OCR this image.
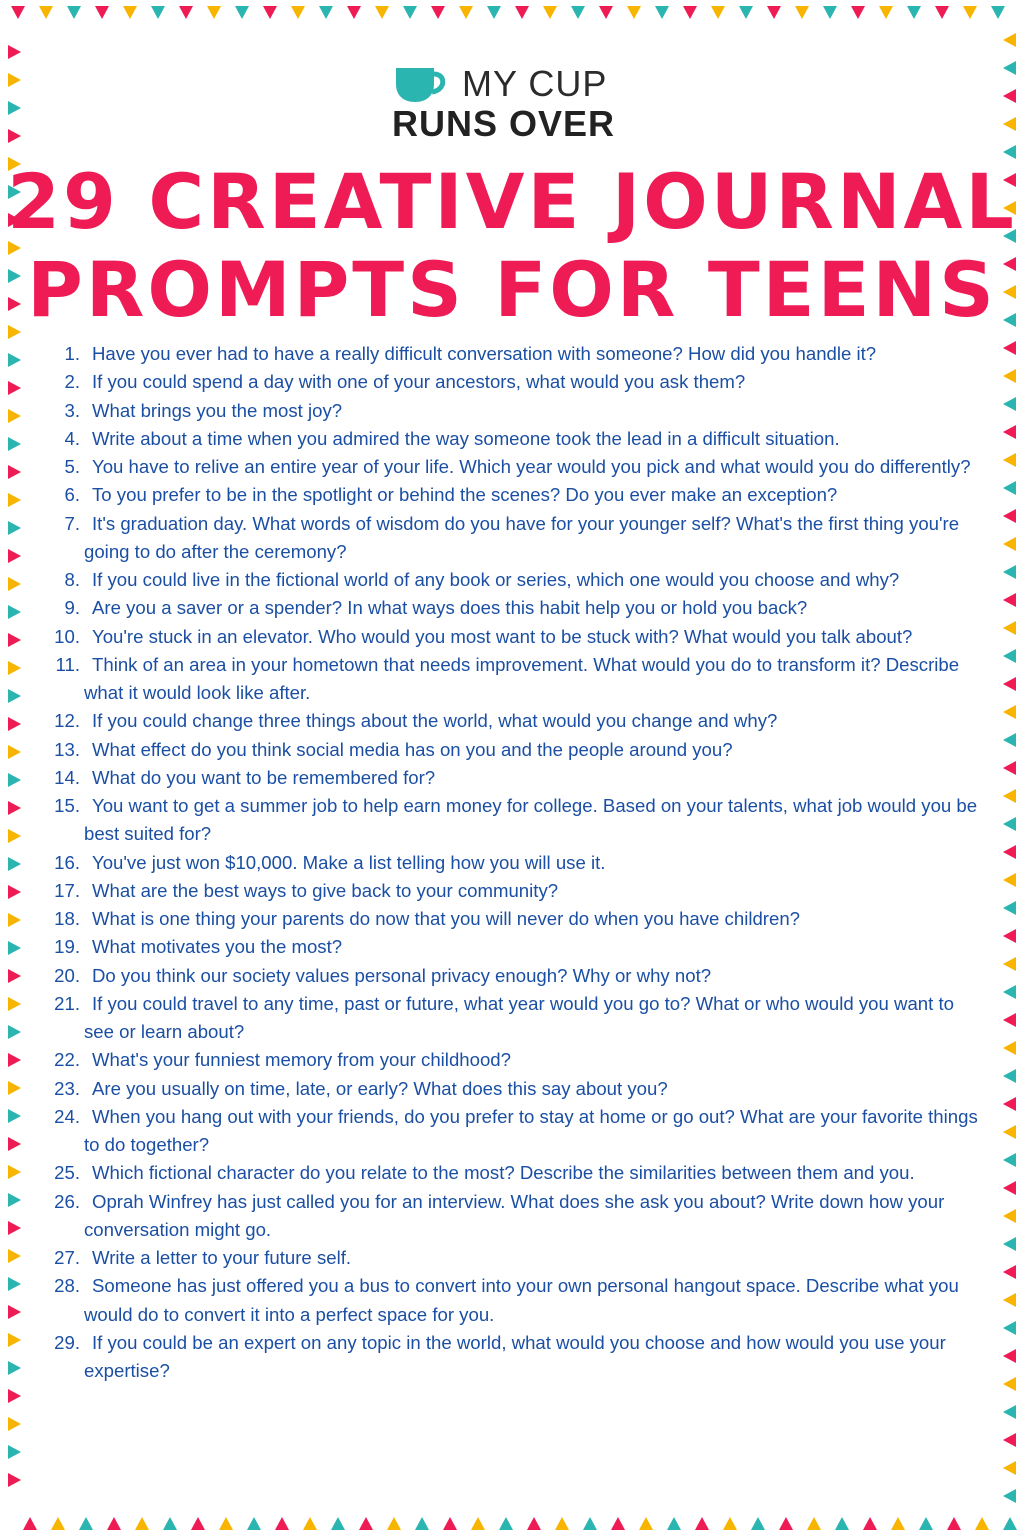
MY CUP
RUNS OVER
29 CREATIVE JOURNAL
PROMPTS FOR TEENS
1. Have you ever had to have a really difficult conversation with someone? How did you handle it?
2. If you could spend a day with one of your ancestors, what would you ask them?
3. What brings you the most joy?
4. Write about a time when you admired the way someone took the lead in a difficult situation.
5. You have to relive an entire year of your life. Which year would you pick and what would you do differently?
6. To you prefer to be in the spotlight or behind the scenes? Do you ever make an exception?
7. It's graduation day. What words of wisdom do you have for your younger self? What's the first thing you're going to do after the ceremony?
8. If you could live in the fictional world of any book or series, which one would you choose and why?
9. Are you a saver or a spender? In what ways does this habit help you or hold you back?
10. You're stuck in an elevator. Who would you most want to be stuck with? What would you talk about?
11. Think of an area in your hometown that needs improvement. What would you do to transform it? Describe what it would look like after.
12. If you could change three things about the world, what would you change and why?
13. What effect do you think social media has on you and the people around you?
14. What do you want to be remembered for?
15. You want to get a summer job to help earn money for college. Based on your talents, what job would you be best suited for?
16. You've just won $10,000. Make a list telling how you will use it.
17. What are the best ways to give back to your community?
18. What is one thing your parents do now that you will never do when you have children?
19. What motivates you the most?
20. Do you think our society values personal privacy enough? Why or why not?
21. If you could travel to any time, past or future, what year would you go to? What or who would you want to see or learn about?
22. What's your funniest memory from your childhood?
23. Are you usually on time, late, or early? What does this say about you?
24. When you hang out with your friends, do you prefer to stay at home or go out? What are your favorite things to do together?
25. Which fictional character do you relate to the most? Describe the similarities between them and you.
26. Oprah Winfrey has just called you for an interview. What does she ask you about? Write down how your conversation might go.
27. Write a letter to your future self.
28. Someone has just offered you a bus to convert into your own personal hangout space. Describe what you would do to convert it into a perfect space for you.
29. If you could be an expert on any topic in the world, what would you choose and how would you use your expertise?
